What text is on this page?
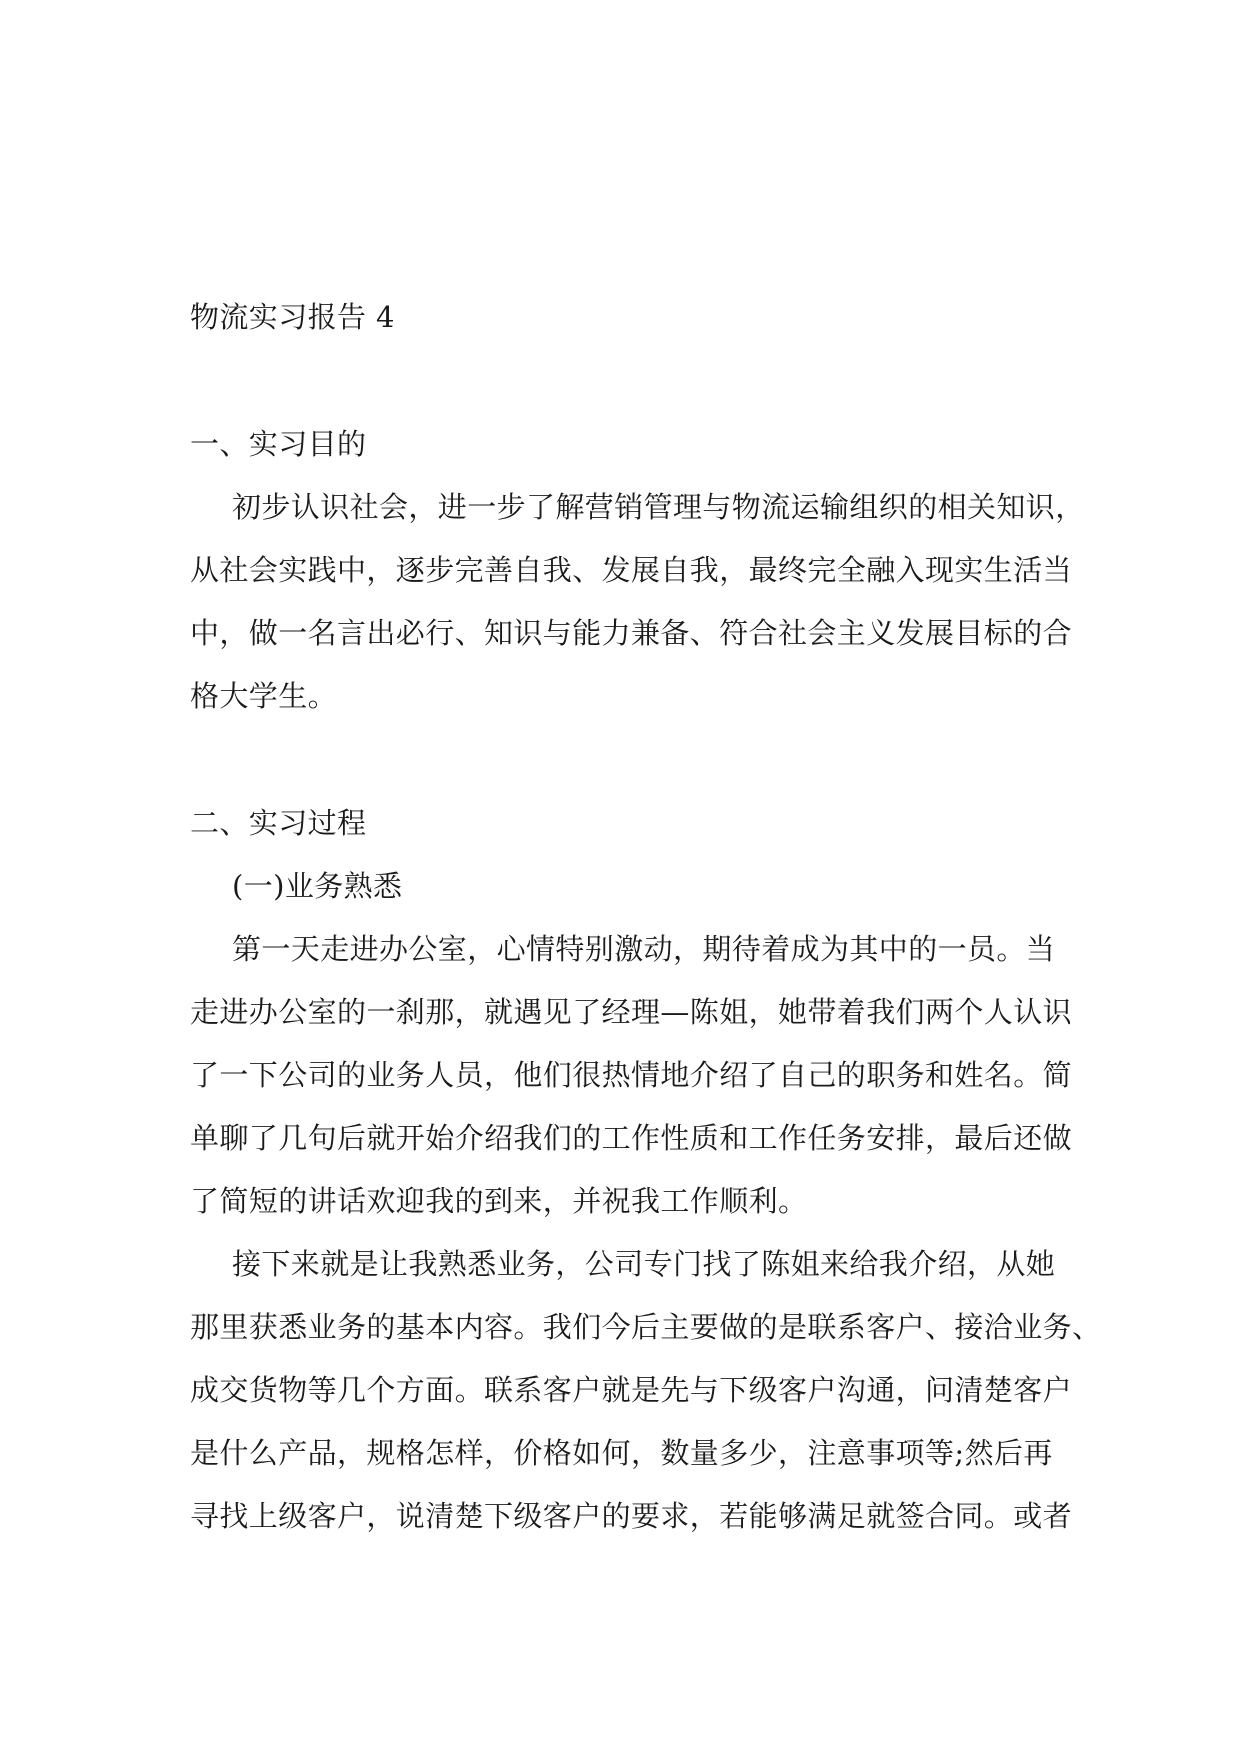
物流实习报告 4
一、实习目的
初步认识社会，进一步了解营销管理与物流运输组织的相关知识，
从社会实践中，逐步完善自我、发展自我，最终完全融入现实生活当
中，做一名言出必行、知识与能力兼备、符合社会主义发展目标的合
格大学生。
二、实习过程
(一)业务熟悉
第一天走进办公室，心情特别激动，期待着成为其中的一员。当
走进办公室的一刹那，就遇见了经理—陈姐，她带着我们两个人认识
了一下公司的业务人员，他们很热情地介绍了自己的职务和姓名。简
单聊了几句后就开始介绍我们的工作性质和工作任务安排，最后还做
了简短的讲话欢迎我的到来，并祝我工作顺利。
接下来就是让我熟悉业务，公司专门找了陈姐来给我介绍，从她
那里获悉业务的基本内容。我们今后主要做的是联系客户、接洽业务、
成交货物等几个方面。联系客户就是先与下级客户沟通，问清楚客户
是什么产品，规格怎样，价格如何，数量多少，注意事项等;然后再
寻找上级客户，说清楚下级客户的要求，若能够满足就签合同。或者
